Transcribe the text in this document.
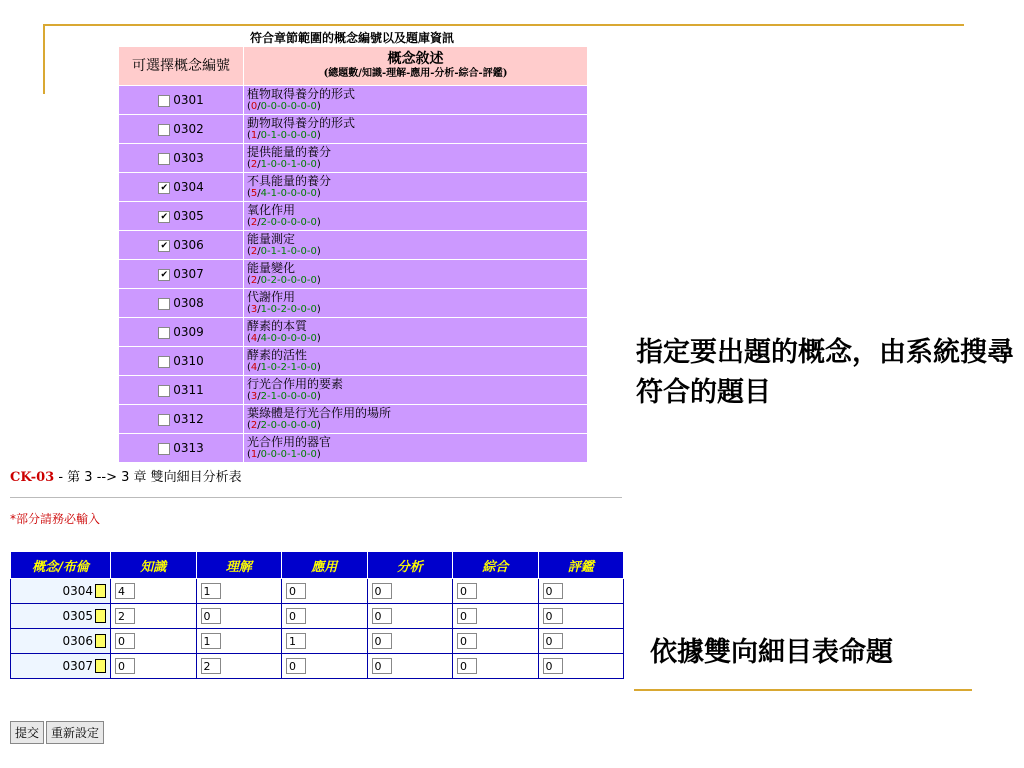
符合章節範圍的概念編號以及題庫資訊
可選擇概念編號	概念敘述
(總題數/知識-理解-應用-分析-綜合-評鑑)

0301	植物取得養分的形式
(0/0-0-0-0-0-0)

0302	動物取得養分的形式
(1/0-1-0-0-0-0)

0303	提供能量的養分
(2/1-0-0-1-0-0)

✔ 0304	不具能量的養分
(5/4-1-0-0-0-0)

✔ 0305	氧化作用
(2/2-0-0-0-0-0)

✔ 0306	能量測定
(2/0-1-1-0-0-0)

✔ 0307	能量變化
(2/0-2-0-0-0-0)

0308	代謝作用
(3/1-0-2-0-0-0)

0309	酵素的本質
(4/4-0-0-0-0-0)

0310	酵素的活性
(4/1-0-2-1-0-0)

0311	行光合作用的要素
(3/2-1-0-0-0-0)

0312	葉綠體是行光合作用的場所
(2/2-0-0-0-0-0)

0313	光合作用的器官
(1/0-0-0-1-0-0)
CK-03 - 第 3 --> 3 章 雙向細目分析表
*部分請務必輸入
概念/布倫	知識	理解	應用	分析	綜合	評鑑
0304	4	1	0	0	0	0
0305	2	0	0	0	0	0
0306	0	1	1	0	0	0
0307	0	2	0	0	0	0
提交 重新設定
指定要出題的概念，由系統搜尋符合的題目
依據雙向細目表命題
